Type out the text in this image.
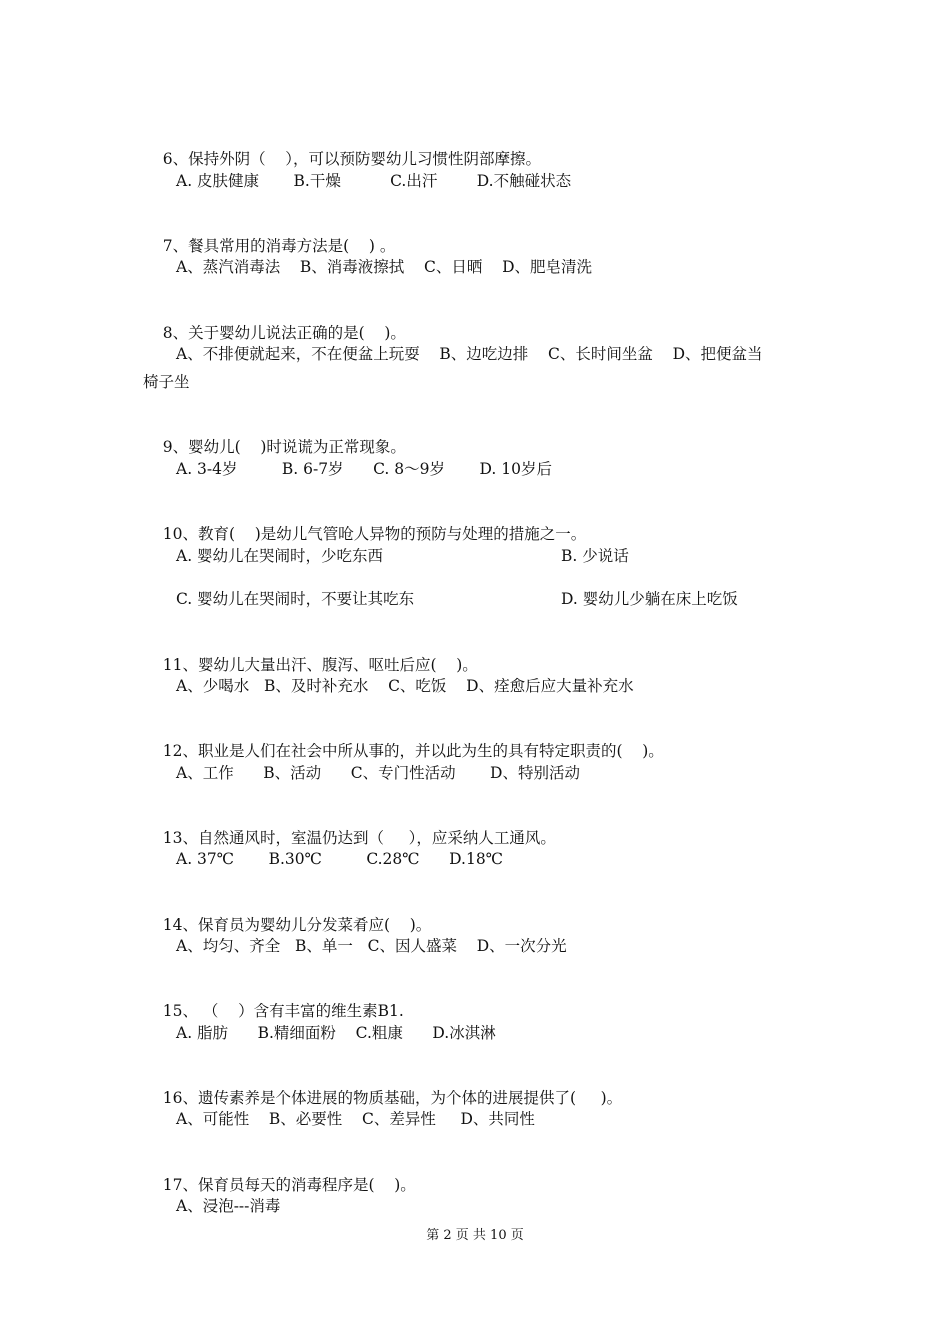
6、保持外阴（    ），可以预防婴幼儿习惯性阴部摩擦。

A. 皮肤健康       B.干燥          C.出汗        D.不触碰状态

7、餐具常用的消毒方法是(    ) 。

A、蒸汽消毒法    B、消毒液擦拭    C、日晒    D、肥皂清洗

8、关于婴幼儿说法正确的是(    )。

A、不排便就起来，不在便盆上玩耍    B、边吃边排    C、长时间坐盆    D、把便盆当
椅子坐

9、婴幼儿(    )时说谎为正常现象。

A. 3-4岁         B. 6-7岁      C. 8～9岁       D. 10岁后

10、教育(    )是幼儿气管呛人异物的预防与处理的措施之一。

A. 婴幼儿在哭闹时，少吃东西	B. 少说话
C. 婴幼儿在哭闹时，不要让其吃东	D. 婴幼儿少躺在床上吃饭

11、婴幼儿大量出汗、腹泻、呕吐后应(    )。

A、少喝水   B、及时补充水    C、吃饭    D、痊愈后应大量补充水

12、职业是人们在社会中所从事的，并以此为生的具有特定职责的(    )。

A、工作      B、活动      C、专门性活动       D、特别活动

13、自然通风时，室温仍达到（     ），应采纳人工通风。

A. 37℃       B.30℃         C.28℃      D.18℃

14、保育员为婴幼儿分发菜肴应(    )。

A、均匀、齐全   B、单一   C、因人盛菜    D、一次分光

15、 （    ）含有丰富的维生素B1.

A. 脂肪      B.精细面粉    C.粗康      D.冰淇淋

16、遗传素养是个体进展的物质基础，为个体的进展提供了(     )。

A、可能性    B、必要性    C、差异性     D、共同性

17、保育员每天的消毒程序是(    )。

A、浸泡---消毒
第 2 页 共 10 页
